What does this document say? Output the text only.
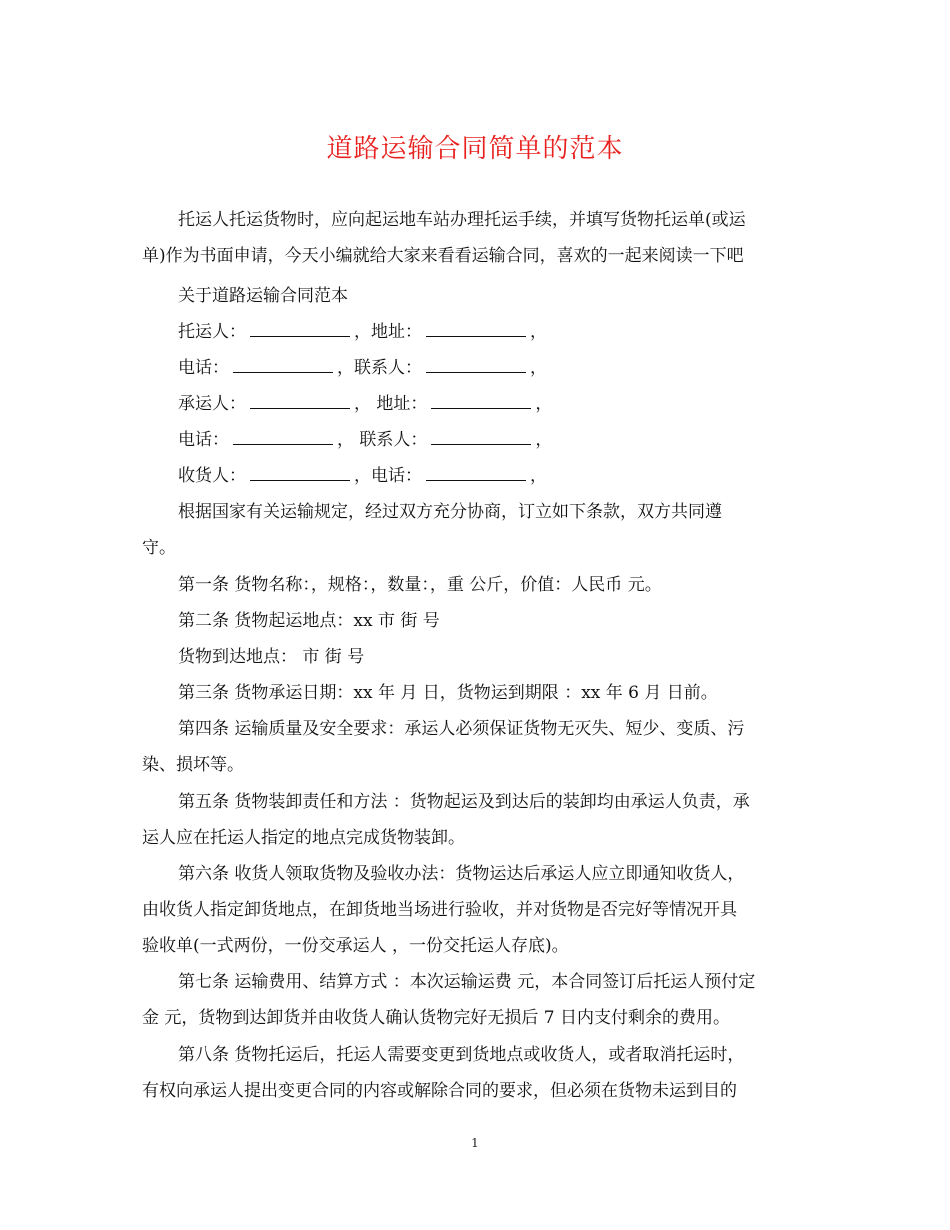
道路运输合同简单的范本
托运人托运货物时，应向起运地车站办理托运手续，并填写货物托运单(或运
单)作为书面申请，今天小编就给大家来看看运输合同，喜欢的一起来阅读一下吧
关于道路运输合同范本
托运人：	，地址：	，
电话：	，联系人：	，
承运人：	， 地址：	，
电话：	， 联系人：	，
收货人：	，电话：	，
根据国家有关运输规定，经过双方充分协商，订立如下条款，双方共同遵
守。
第一条 货物名称：，规格：，数量：，重 公斤，价值：人民币 元。
第二条 货物起运地点：xx 市 街 号
货物到达地点： 市 街 号
第三条 货物承运日期：xx 年 月 日，货物运到期限 ：xx 年 6 月 日前。
第四条 运输质量及安全要求：承运人必须保证货物无灭失、短少、变质、污
染、损坏等。
第五条 货物装卸责任和方法 ：货物起运及到达后的装卸均由承运人负责，承
运人应在托运人指定的地点完成货物装卸。
第六条 收货人领取货物及验收办法：货物运达后承运人应立即通知收货人，
由收货人指定卸货地点，在卸货地当场进行验收，并对货物是否完好等情况开具
验收单(一式两份，一份交承运人 ，一份交托运人存底)。
第七条 运输费用、结算方式 ：本次运输运费 元，本合同签订后托运人预付定
金 元，货物到达卸货并由收货人确认货物完好无损后 7 日内支付剩余的费用。
第八条 货物托运后，托运人需要变更到货地点或收货人，或者取消托运时，
有权向承运人提出变更合同的内容或解除合同的要求，但必须在货物未运到目的
1
